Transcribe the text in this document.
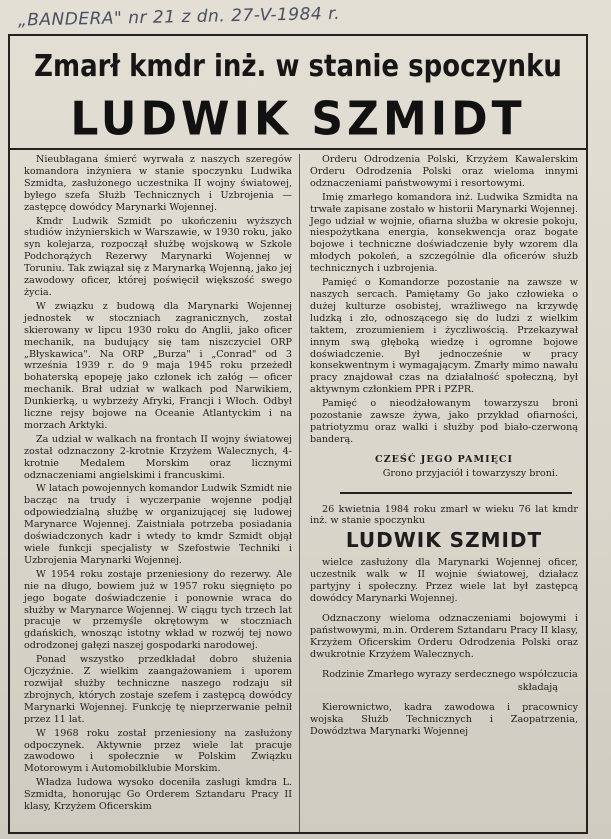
„BANDERA" nr 21 z dn. 27-V-1984 r.
Zmarł kmdr inż. w stanie spoczynku
LUDWIK SZMIDT

Nieubłagana śmierć wyrwała z naszych szeregów komandora inżyniera w stanie spoczynku Ludwika Szmidta, zasłużonego uczestnika II wojny światowej, byłego szefa Służb Technicznych i Uzbrojenia — zastępcę dowódcy Marynarki Wojennej.

Kmdr Ludwik Szmidt po ukończeniu wyższych studiów inżynierskich w Warszawie, w 1930 roku, jako syn kolejarza, rozpoczął służbę wojskową w Szkole Podchorążych Rezerwy Marynarki Wojennej w Toruniu. Tak związał się z Marynarką Wojenną, jako jej zawodowy oficer, której poświęcił większość swego życia.

W związku z budową dla Marynarki Wojennej jednostek w stoczniach zagranicznych, został skierowany w lipcu 1930 roku do Anglii, jako oficer mechanik, na budujący się tam niszczyciel ORP „Błyskawica". Na ORP „Burza" i „Conrad" od 3 września 1939 r. do 9 maja 1945 roku przeżedł bohaterską epopeję jako członek ich załóg — oficer mechanik. Brał udział w walkach pod Narwikiem, Dunkierką, u wybrzeży Afryki, Francji i Włoch. Odbył liczne rejsy bojowe na Oceanie Atlantyckim i na morzach Arktyki.

Za udział w walkach na frontach II wojny światowej został odznaczony 2-krotnie Krzyżem Walecznych, 4-krotnie Medalem Morskim oraz licznymi odznaczeniami angielskimi i francuskimi.

W latach powojennych komandor Ludwik Szmidt nie bacząc na trudy i wyczerpanie wojenne podjął odpowiedzialną służbę w organizującej się ludowej Marynarce Wojennej. Zaistniała potrzeba posiadania doświadczonych kadr i wtedy to kmdr Szmidt objął wiele funkcji specjalisty w Szefostwie Techniki i Uzbrojenia Marynarki Wojennej.

W 1954 roku zostaje przeniesiony do rezerwy. Ale nie na długo, bowiem już w 1957 roku sięgnięto po jego bogate doświadczenie i ponownie wraca do służby w Marynarce Wojennej. W ciągu tych trzech lat pracuje w przemyśle okrętowym w stoczniach gdańskich, wnosząc istotny wkład w rozwój tej nowo odrodzonej gałęzi naszej gospodarki narodowej.

Ponad wszystko przedkładał dobro służenia Ojczyźnie. Z wielkim zaangażowaniem i uporem rozwijał służby techniczne naszego rodzaju sił zbrojnych, których zostaje szefem i zastępcą dowódcy Marynarki Wojennej. Funkcję tę nieprzerwanie pełnił przez 11 lat.

W 1968 roku został przeniesiony na zasłużony odpoczynek. Aktywnie przez wiele lat pracuje zawodowo i społecznie w Polskim Związku Motorowym i Automobilklubie Morskim.

Władza ludowa wysoko doceniła zasługi kmdra L. Szmidta, honorując Go Orderem Sztandaru Pracy II klasy, Krzyżem Oficerskim

Orderu Odrodzenia Polski, Krzyżem Kawalerskim Orderu Odrodzenia Polski oraz wieloma innymi odznaczeniami państwowymi i resortowymi.

Imię zmarłego komandora inż. Ludwika Szmidta na trwałe zapisane zostało w historii Marynarki Wojennej. Jego udział w wojnie, ofiarna służba w okresie pokoju, niespożytkana energia, konsekwencja oraz bogate bojowe i techniczne doświadczenie były wzorem dla młodych pokoleń, a szczególnie dla oficerów służb technicznych i uzbrojenia.

Pamięć o Komandorze pozostanie na zawsze w naszych sercach. Pamiętamy Go jako człowieka o dużej kulturze osobistej, wrażliwego na krzywdę ludzką i zło, odnoszącego się do ludzi z wielkim taktem, zrozumieniem i życzliwością. Przekazywał innym swą głęboką wiedzę i ogromne bojowe doświadczenie. Był jednocześnie w pracy konsekwentnym i wymagającym. Zmarły mimo nawału pracy znajdował czas na działalność społeczną, był aktywnym członkiem PPR i PZPR.

Pamięć o nieodżałowanym towarzyszu broni pozostanie zawsze żywa, jako przykład ofiarności, patriotyzmu oraz walki i służby pod biało-czerwoną banderą.

CZEŚĆ JEGO PAMIĘCI

Grono przyjaciół i towarzyszy broni.

26 kwietnia 1984 roku zmarł w wieku 76 lat kmdr inż. w stanie spoczynku

LUDWIK SZMIDT

wielce zasłużony dla Marynarki Wojennej oficer, uczestnik walk w II wojnie światowej, działacz partyjny i społeczny. Przez wiele lat był zastępcą dowódcy Marynarki Wojennej.

Odznaczony wieloma odznaczeniami bojowymi i państwowymi, m.in. Orderem Sztandaru Pracy II klasy, Krzyżem Oficerskim Orderu Odrodzenia Polski oraz dwukrotnie Krzyżem Walecznych.

Rodzinie Zmarłego wyrazy serdecznego współczucia

składają

Kierownictwo, kadra zawodowa i pracownicy wojska Służb Technicznych i Zaopatrzenia, Dowództwa Marynarki Wojennej
